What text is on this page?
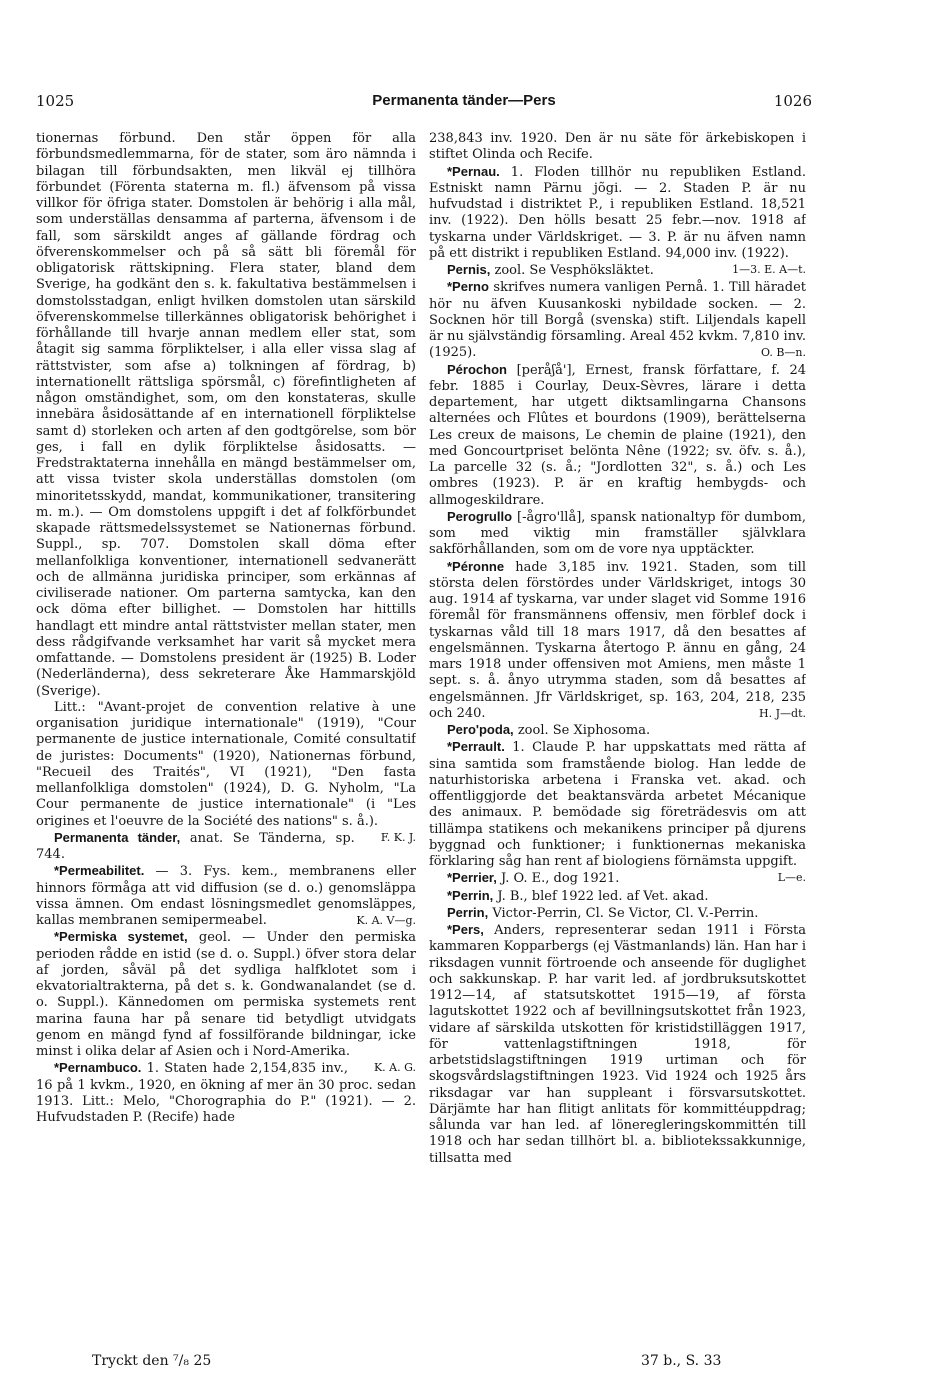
1025	Permanenta tänder—Pers	1026

tionernas förbund. Den står öppen för alla förbundsmedlemmarna, för de stater, som äro nämnda i bilagan till förbundsakten, men likväl ej tillhöra förbundet (Förenta staterna m. fl.) äfvensom på vissa villkor för öfriga stater. Domstolen är behörig i alla mål, som underställas densamma af parterna, äfvensom i de fall, som särskildt anges af gällande fördrag och öfverenskommelser och på så sätt bli föremål för obligatorisk rättskipning. Flera stater, bland dem Sverige, ha godkänt den s. k. fakultativa bestämmelsen i domstolsstadgan, enligt hvilken domstolen utan särskild öfverenskommelse tillerkännes obligatorisk behörighet i förhållande till hvarje annan medlem eller stat, som åtagit sig samma förpliktelser, i alla eller vissa slag af rättstvister, som afse a) tolkningen af fördrag, b) internationellt rättsliga spörsmål, c) förefintligheten af någon omständighet, som, om den konstateras, skulle innebära åsidosättande af en internationell förpliktelse samt d) storleken och arten af den godtgörelse, som bör ges, i fall en dylik förpliktelse åsidosatts. — Fredstraktaterna innehålla en mängd bestämmelser om, att vissa tvister skola underställas domstolen (om minoritetsskydd, mandat, kommunikationer, transitering m. m.). — Om domstolens uppgift i det af folkförbundet skapade rättsmedelssystemet se Nationernas förbund. Suppl., sp. 707. Domstolen skall döma efter mellanfolkliga konventioner, internationell sedvanerätt och de allmänna juridiska principer, som erkännas af civiliserade nationer. Om parterna samtycka, kan den ock döma efter billighet. — Domstolen har hittills handlagt ett mindre antal rättstvister mellan stater, men dess rådgifvande verksamhet har varit så mycket mera omfattande. — Domstolens president är (1925) B. Loder (Nederländerna), dess sekreterare Åke Hammarskjöld (Sverige).

Litt.: "Avant-projet de convention relative à une organisation juridique internationale" (1919), "Cour permanente de justice internationale, Comité consultatif de juristes: Documents" (1920), Nationernas förbund, "Recueil des Traités", VI (1921), "Den fasta mellanfolkliga domstolen" (1924), D. G. Nyholm, "La Cour permanente de justice internationale" (i "Les origines et l'oeuvre de la Société des nations" s. å.).
F. K. J.

Permanenta tänder, anat. Se Tänderna, sp. 744.

*Permeabilitet. — 3. Fys. kem., membranens eller hinnors förmåga att vid diffusion (se d. o.) genomsläppa vissa ämnen. Om endast lösningsmedlet genomsläppes, kallas membranen semipermeabel.	K. A. V—g.

*Permiska systemet, geol. — Under den permiska perioden rådde en istid (se d. o. Suppl.) öfver stora delar af jorden, såväl på det sydliga halfklotet som i ekvatorialtrakterna, på det s. k. Gondwanalandet (se d. o. Suppl.). Kännedomen om permiska systemets rent marina fauna har på senare tid betydligt utvidgats genom en mängd fynd af fossilförande bildningar, icke minst i olika delar af Asien och i Nord-Amerika.
K. A. G.

*Pernambuco. 1. Staten hade 2,154,835 inv., 16 på 1 kvkm., 1920, en ökning af mer än 30 proc. sedan 1913. Litt.: Melo, "Chorographia do P." (1921). — 2. Hufvudstaden P. (Recife) hade

238,843 inv. 1920. Den är nu säte för ärkebiskopen i stiftet Olinda och Recife.

*Pernau. 1. Floden tillhör nu republiken Estland. Estniskt namn Pärnu jõgi. — 2. Staden P. är nu hufvudstad i distriktet P., i republiken Estland. 18,521 inv. (1922). Den hölls besatt 25 febr.—nov. 1918 af tyskarna under Världskriget. — 3. P. är nu äfven namn på ett distrikt i republiken Estland. 94,000 inv. (1922).
1—3. E. A—t.

Pernis, zool. Se Vesphöksläktet.

*Perno skrifves numera vanligen Pernå. 1. Till häradet hör nu äfven Kuusankoski nybildade socken. — 2. Socknen hör till Borgå (svenska) stift. Liljendals kapell är nu självständig församling. Areal 452 kvkm. 7,810 inv. (1925).	O. B—n.

Pérochon [peråʃå'], Ernest, fransk författare, f. 24 febr. 1885 i Courlay, Deux-Sèvres, lärare i detta departement, har utgett diktsamlingarna Chansons alternées och Flûtes et bourdons (1909), berättelserna Les creux de maisons, Le chemin de plaine (1921), den med Goncourtpriset belönta Nêne (1922; sv. öfv. s. å.), La parcelle 32 (s. å.; "Jordlotten 32", s. å.) och Les ombres (1923). P. är en kraftig hembygds- och allmogeskildrare.

Perogrullo [-ågro'llå], spansk nationaltyp för dumbom, som med viktig min framställer självklara sakförhållanden, som om de vore nya upptäckter.

*Péronne hade 3,185 inv. 1921. Staden, som till största delen förstördes under Världskriget, intogs 30 aug. 1914 af tyskarna, var under slaget vid Somme 1916 föremål för fransmännens offensiv, men förblef dock i tyskarnas våld till 18 mars 1917, då den besattes af engelsmännen. Tyskarna återtogo P. ännu en gång, 24 mars 1918 under offensiven mot Amiens, men måste 1 sept. s. å. ånyo utrymma staden, som då besattes af engelsmännen. Jfr Världskriget, sp. 163, 204, 218, 235 och 240.	H. J—dt.

Pero'poda, zool. Se Xiphosoma.

*Perrault. 1. Claude P. har uppskattats med rätta af sina samtida som framstående biolog. Han ledde de naturhistoriska arbetena i Franska vet. akad. och offentliggjorde det beaktansvärda arbetet Mécanique des animaux. P. bemödade sig företrädesvis om att tillämpa statikens och mekanikens principer på djurens byggnad och funktioner; i funktionernas mekaniska förklaring såg han rent af biologiens förnämsta uppgift.
L—e.

*Perrier, J. O. E., dog 1921.

*Perrin, J. B., blef 1922 led. af Vet. akad.

Perrin, Victor-Perrin, Cl. Se Victor, Cl. V.-Perrin.

*Pers, Anders, representerar sedan 1911 i Första kammaren Kopparbergs (ej Västmanlands) län. Han har i riksdagen vunnit förtroende och anseende för duglighet och sakkunskap. P. har varit led. af jordbruksutskottet 1912—14, af statsutskottet 1915—19, af första lagutskottet 1922 och af bevillningsutskottet från 1923, vidare af särskilda utskotten för kristidstilläggen 1917, för vattenlagstiftningen 1918, för arbetstidslagstiftningen 1919 urtiman och för skogsvårdslagstiftningen 1923. Vid 1924 och 1925 års riksdagar var han suppleant i försvarsutskottet. Därjämte har han flitigt anlitats för kommittéuppdrag; sålunda var han led. af löneregleringskommittén till 1918 och har sedan tillhört bl. a. bibliotekssakkunnige, tillsatta med

Tryckt den ⁷/₈ 25	37 b., S. 33
